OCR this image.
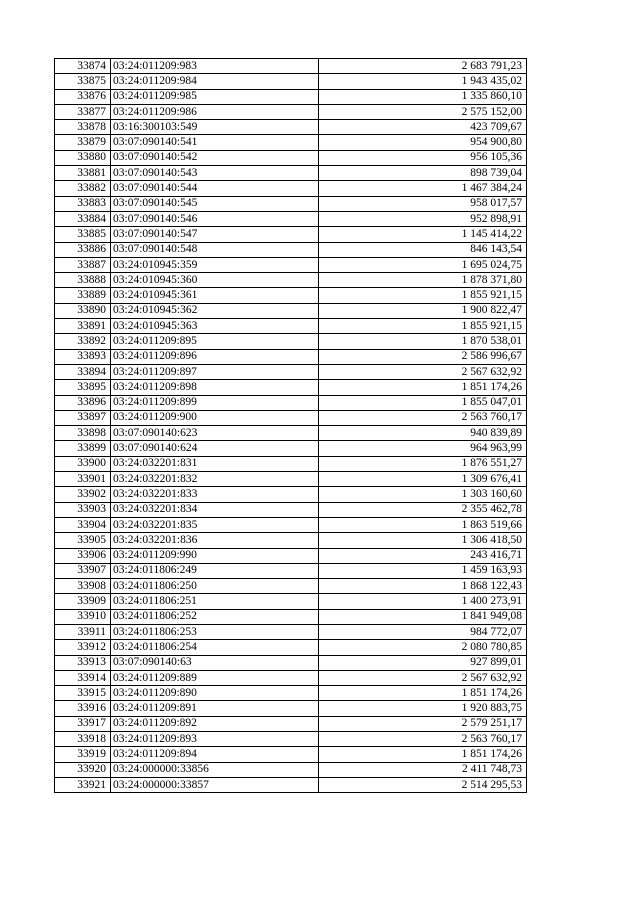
33874	03:24:011209:983	2 683 791,23
33875	03:24:011209:984	1 943 435,02
33876	03:24:011209:985	1 335 860,10
33877	03:24:011209:986	2 575 152,00
33878	03:16:300103:549	423 709,67
33879	03:07:090140:541	954 900,80
33880	03:07:090140:542	956 105,36
33881	03:07:090140:543	898 739,04
33882	03:07:090140:544	1 467 384,24
33883	03:07:090140:545	958 017,57
33884	03:07:090140:546	952 898,91
33885	03:07:090140:547	1 145 414,22
33886	03:07:090140:548	846 143,54
33887	03:24:010945:359	1 695 024,75
33888	03:24:010945:360	1 878 371,80
33889	03:24:010945:361	1 855 921,15
33890	03:24:010945:362	1 900 822,47
33891	03:24:010945:363	1 855 921,15
33892	03:24:011209:895	1 870 538,01
33893	03:24:011209:896	2 586 996,67
33894	03:24:011209:897	2 567 632,92
33895	03:24:011209:898	1 851 174,26
33896	03:24:011209:899	1 855 047,01
33897	03:24:011209:900	2 563 760,17
33898	03:07:090140:623	940 839,89
33899	03:07:090140:624	964 963,99
33900	03:24:032201:831	1 876 551,27
33901	03:24:032201:832	1 309 676,41
33902	03:24:032201:833	1 303 160,60
33903	03:24:032201:834	2 355 462,78
33904	03:24:032201:835	1 863 519,66
33905	03:24:032201:836	1 306 418,50
33906	03:24:011209:990	243 416,71
33907	03:24:011806:249	1 459 163,93
33908	03:24:011806:250	1 868 122,43
33909	03:24:011806:251	1 400 273,91
33910	03:24:011806:252	1 841 949,08
33911	03:24:011806:253	984 772,07
33912	03:24:011806:254	2 080 780,85
33913	03:07:090140:63	927 899,01
33914	03:24:011209:889	2 567 632,92
33915	03:24:011209:890	1 851 174,26
33916	03:24:011209:891	1 920 883,75
33917	03:24:011209:892	2 579 251,17
33918	03:24:011209:893	2 563 760,17
33919	03:24:011209:894	1 851 174,26
33920	03:24:000000:33856	2 411 748,73
33921	03:24:000000:33857	2 514 295,53
